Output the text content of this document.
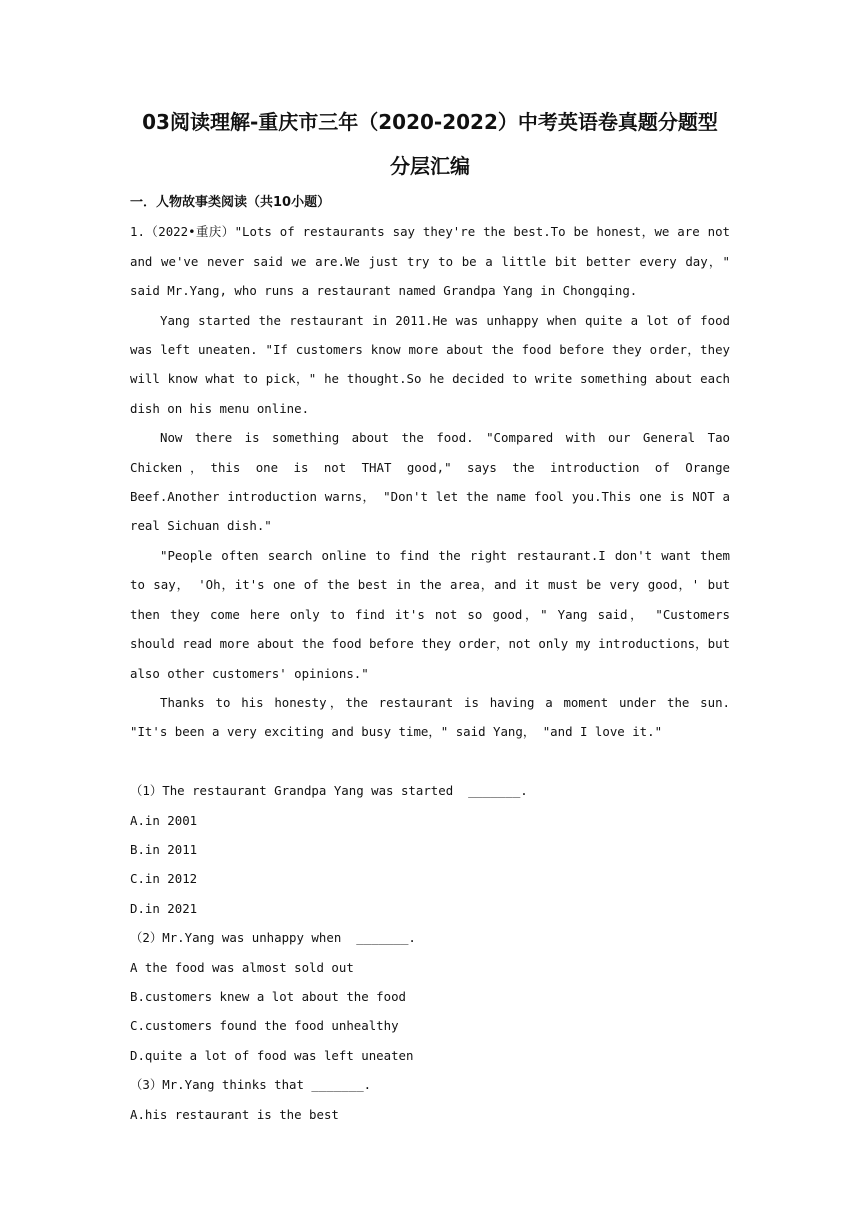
03阅读理解-重庆市三年（2020-2022）中考英语卷真题分题型

分层汇编

一．人物故事类阅读（共10小题）

1.（2022•重庆）"Lots of restaurants say they're the best.To be honest，we are not and we've never said we are.We just try to be a little bit better every day，" said Mr.Yang, who runs a restaurant named Grandpa Yang in Chongqing.

Yang started the restaurant in 2011.He was unhappy when quite a lot of food was left uneaten. "If customers know more about the food before they order，they will know what to pick，" he thought.So he decided to write something about each dish on his menu online.

Now there is something about the food. "Compared with our General Tao Chicken，this one is not THAT good," says the introduction of Orange Beef.Another introduction warns， "Don't let the name fool you.This one is NOT a real Sichuan dish."

"People often search online to find the right restaurant.I don't want them to say， 'Oh，it's one of the best in the area，and it must be very good，' but then they come here only to find it's not so good，" Yang said， "Customers should read more about the food before they order，not only my introductions，but also other customers' opinions."

Thanks to his honesty，the restaurant is having a moment under the sun. "It's been a very exciting and busy time，" said Yang， "and I love it."

（1）The restaurant Grandpa Yang was started  _______.

A.in 2001

B.in 2011

C.in 2012

D.in 2021

（2）Mr.Yang was unhappy when  _______.

A the food was almost sold out

B.customers knew a lot about the food

C.customers found the food unhealthy

D.quite a lot of food was left uneaten

（3）Mr.Yang thinks that _______.

A.his restaurant is the best
